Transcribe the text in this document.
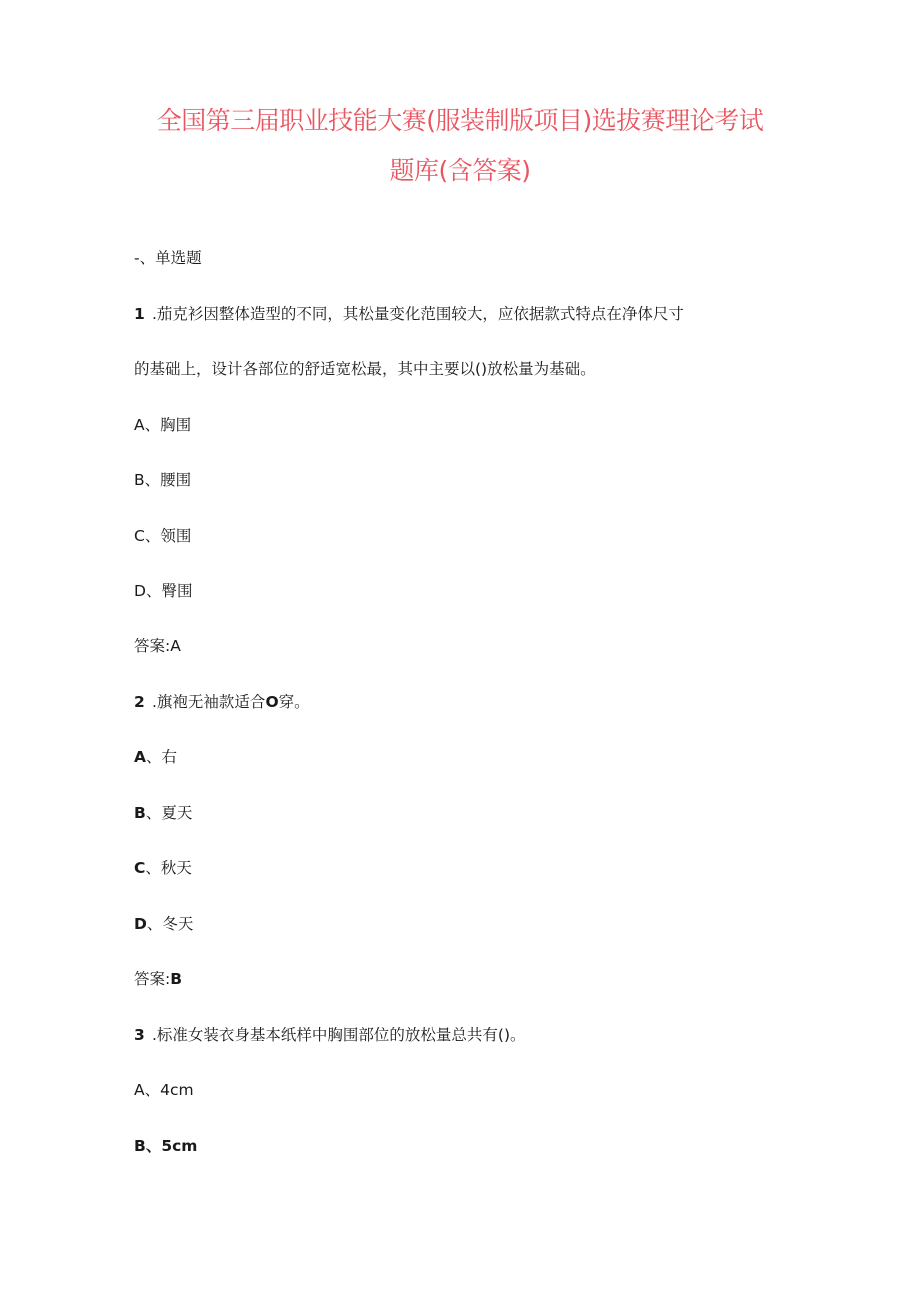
全国第三届职业技能大赛(服装制版项目)选拔赛理论考试
题库(含答案)
-、单选题
1 .茄克衫因整体造型的不同，其松量变化范围较大，应依据款式特点在净体尺寸
的基础上，设计各部位的舒适宽松最，其中主要以()放松量为基础。
A、胸围
B、腰围
C、领围
D、臀围
答案:A
2 .旗袍无袖款适合O穿。
A、右
B、夏天
C、秋天
D、冬天
答案:B
3 .标准女装衣身基本纸样中胸围部位的放松量总共有()。
A、4cm
B、5cm
